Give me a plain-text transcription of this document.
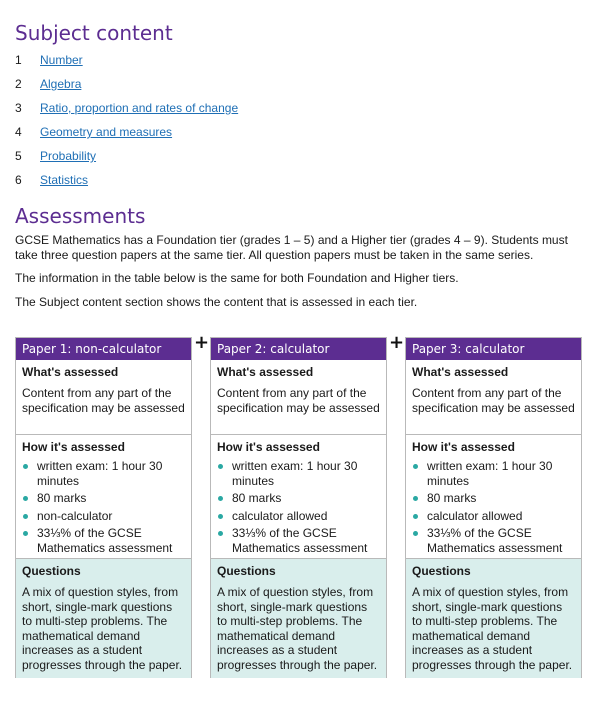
Subject content
1	Number
2	Algebra
3	Ratio, proportion and rates of change
4	Geometry and measures
5	Probability
6	Statistics
Assessments

GCSE Mathematics has a Foundation tier (grades 1 – 5) and a Higher tier (grades 4 – 9). Students must take three question papers at the same tier. All question papers must be taken in the same series.

The information in the table below is the same for both Foundation and Higher tiers.

The Subject content section shows the content that is assessed in each tier.

Paper 1: non-calculator
What's assessed
Content from any part of the specification may be assessed
How it's assessed
written exam: 1 hour 30 minutes
80 marks
non-calculator
33⅓% of the GCSE Mathematics assessment
Questions
A mix of question styles, from short, single-mark questions to multi-step problems. The mathematical demand increases as a student progresses through the paper.
+ Paper 2: calculator
What's assessed
Content from any part of the specification may be assessed
How it's assessed
written exam: 1 hour 30 minutes
80 marks
calculator allowed
33⅓% of the GCSE Mathematics assessment
Questions
A mix of question styles, from short, single-mark questions to multi-step problems. The mathematical demand increases as a student progresses through the paper.
+ Paper 3: calculator
What's assessed
Content from any part of the specification may be assessed
How it's assessed
written exam: 1 hour 30 minutes
80 marks
calculator allowed
33⅓% of the GCSE Mathematics assessment
Questions
A mix of question styles, from short, single-mark questions to multi-step problems. The mathematical demand increases as a student progresses through the paper.
